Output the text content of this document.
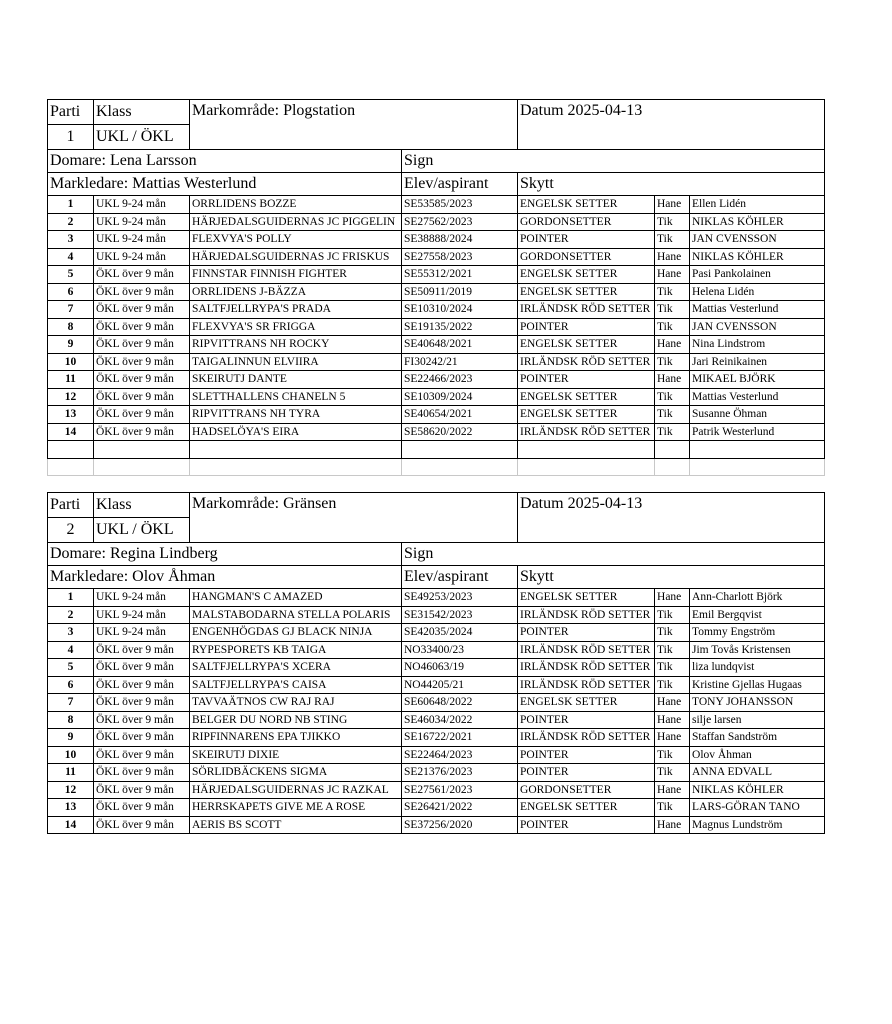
Parti	Klass	Markområde: Plogstation		Datum 2025-04-13		
1	UKL / ÖKL					
Domare: Lena Larsson			Sign			
Markledare: Mattias Westerlund			Elev/aspirant	Skytt		
1	UKL 9-24 mån	ORRLIDENS BOZZE	SE53585/2023	ENGELSK SETTER	Hane	Ellen Lidén
2	UKL 9-24 mån	HÄRJEDALSGUIDERNAS JC PIGGELIN	SE27562/2023	GORDONSETTER	Tik	NIKLAS KÖHLER
3	UKL 9-24 mån	FLEXVYA'S POLLY	SE38888/2024	POINTER	Tik	JAN CVENSSON
4	UKL 9-24 mån	HÄRJEDALSGUIDERNAS JC FRISKUS	SE27558/2023	GORDONSETTER	Hane	NIKLAS KÖHLER
5	ÖKL över 9 mån	FINNSTAR FINNISH FIGHTER	SE55312/2021	ENGELSK SETTER	Hane	Pasi Pankolainen
6	ÖKL över 9 mån	ORRLIDENS J-BÄZZA	SE50911/2019	ENGELSK SETTER	Tik	Helena Lidén
7	ÖKL över 9 mån	SALTFJELLRYPA'S PRADA	SE10310/2024	IRLÄNDSK RÖD SETTER	Tik	Mattias Vesterlund
8	ÖKL över 9 mån	FLEXVYA'S SR FRIGGA	SE19135/2022	POINTER	Tik	JAN CVENSSON
9	ÖKL över 9 mån	RIPVITTRANS NH ROCKY	SE40648/2021	ENGELSK SETTER	Hane	Nina Lindstrom
10	ÖKL över 9 mån	TAIGALINNUN ELVIIRA	FI30242/21	IRLÄNDSK RÖD SETTER	Tik	Jari Reinikainen
11	ÖKL över 9 mån	SKEIRUTJ DANTE	SE22466/2023	POINTER	Hane	MIKAEL BJÖRK
12	ÖKL över 9 mån	SLETTHALLENS CHANELN 5	SE10309/2024	ENGELSK SETTER	Tik	Mattias Vesterlund
13	ÖKL över 9 mån	RIPVITTRANS NH TYRA	SE40654/2021	ENGELSK SETTER	Tik	Susanne Öhman
14	ÖKL över 9 mån	HADSELÖYA'S EIRA	SE58620/2022	IRLÄNDSK RÖD SETTER	Tik	Patrik Westerlund

Parti	Klass	Markområde: Gränsen		Datum 2025-04-13		
2	UKL / ÖKL					
Domare: Regina Lindberg			Sign			
Markledare: Olov Åhman			Elev/aspirant	Skytt		
1	UKL 9-24 mån	HANGMAN'S C AMAZED	SE49253/2023	ENGELSK SETTER	Hane	Ann-Charlott Björk
2	UKL 9-24 mån	MALSTABODARNA STELLA POLARIS	SE31542/2023	IRLÄNDSK RÖD SETTER	Tik	Emil Bergqvist
3	UKL 9-24 mån	ENGENHÖGDAS GJ BLACK NINJA	SE42035/2024	POINTER	Tik	Tommy Engström
4	ÖKL över 9 mån	RYPESPORETS KB TAIGA	NO33400/23	IRLÄNDSK RÖD SETTER	Tik	Jim Tovås Kristensen
5	ÖKL över 9 mån	SALTFJELLRYPA'S XCERA	NO46063/19	IRLÄNDSK RÖD SETTER	Tik	liza lundqvist
6	ÖKL över 9 mån	SALTFJELLRYPA'S CAISA	NO44205/21	IRLÄNDSK RÖD SETTER	Tik	Kristine Gjellas Hugaas
7	ÖKL över 9 mån	TAVVAÄTNOS CW RAJ RAJ	SE60648/2022	ENGELSK SETTER	Hane	TONY JOHANSSON
8	ÖKL över 9 mån	BELGER DU NORD NB STING	SE46034/2022	POINTER	Hane	silje larsen
9	ÖKL över 9 mån	RIPFINNARENS EPA TJIKKO	SE16722/2021	IRLÄNDSK RÖD SETTER	Hane	Staffan Sandström
10	ÖKL över 9 mån	SKEIRUTJ DIXIE	SE22464/2023	POINTER	Tik	Olov Åhman
11	ÖKL över 9 mån	SÖRLIDBÄCKENS SIGMA	SE21376/2023	POINTER	Tik	ANNA EDVALL
12	ÖKL över 9 mån	HÄRJEDALSGUIDERNAS JC RAZKAL	SE27561/2023	GORDONSETTER	Hane	NIKLAS KÖHLER
13	ÖKL över 9 mån	HERRSKAPETS GIVE ME A ROSE	SE26421/2022	ENGELSK SETTER	Tik	LARS-GÖRAN TANO
14	ÖKL över 9 mån	AERIS BS SCOTT	SE37256/2020	POINTER	Hane	Magnus Lundström
